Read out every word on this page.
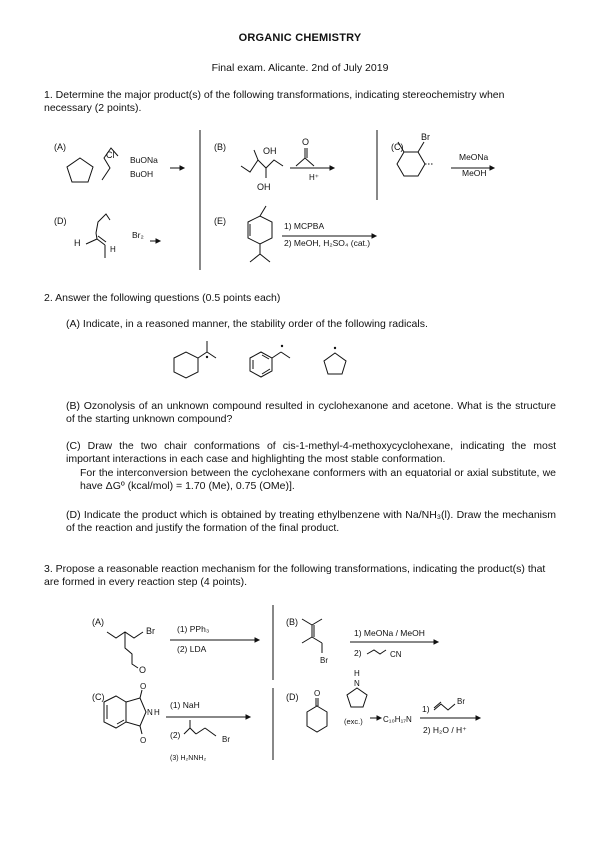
ORGANIC CHEMISTRY
Final exam. Alicante. 2nd of July 2019
1. Determine the major product(s) of the following transformations, indicating stereochemistry when necessary (2 points).
2. Answer the following questions (0.5 points each)
(A) Indicate, in a reasoned manner, the stability order of the following radicals.
(B) Ozonolysis of an unknown compound resulted in cyclohexanone and acetone. What is the structure of the starting unknown compound?
(C) Draw the two chair conformations of cis-1-methyl-4-methoxycyclohexane, indicating the most important interactions in each case and highlighting the most stable conformation.
For the interconversion between the cyclohexane conformers with an equatorial or axial substitute, we have ΔGº (kcal/mol) = 1.70 (Me), 0.75 (OMe)].
(D) Indicate the product which is obtained by treating ethylbenzene with Na/NH₃(l). Draw the mechanism of the reaction and justify the formation of the final product.
3. Propose a reasonable reaction mechanism for the following transformations, indicating the product(s) that are formed in every reaction step (4 points).
(A)
Cl BuONa
BuOH
(B)	OH
OH
O
H⁺
(C)
Br
MeONa
MeOH
(D)
H
H
Br₂
(E)	1) MCPBA
2) MeOH, H₂SO₄ (cat.)
(A)
Br
O
(1) PPh₃
(2) LDA
(B)
Br
1) MeONa / MeOH
2)	CN
(C)
O
O
N H
(1) NaH
(2)	Br
(3) H₂NNH₂
(D) O
H
N
(exc.)	C₁₀H₁₇N
1)
Br
2) H₂O / H⁺
